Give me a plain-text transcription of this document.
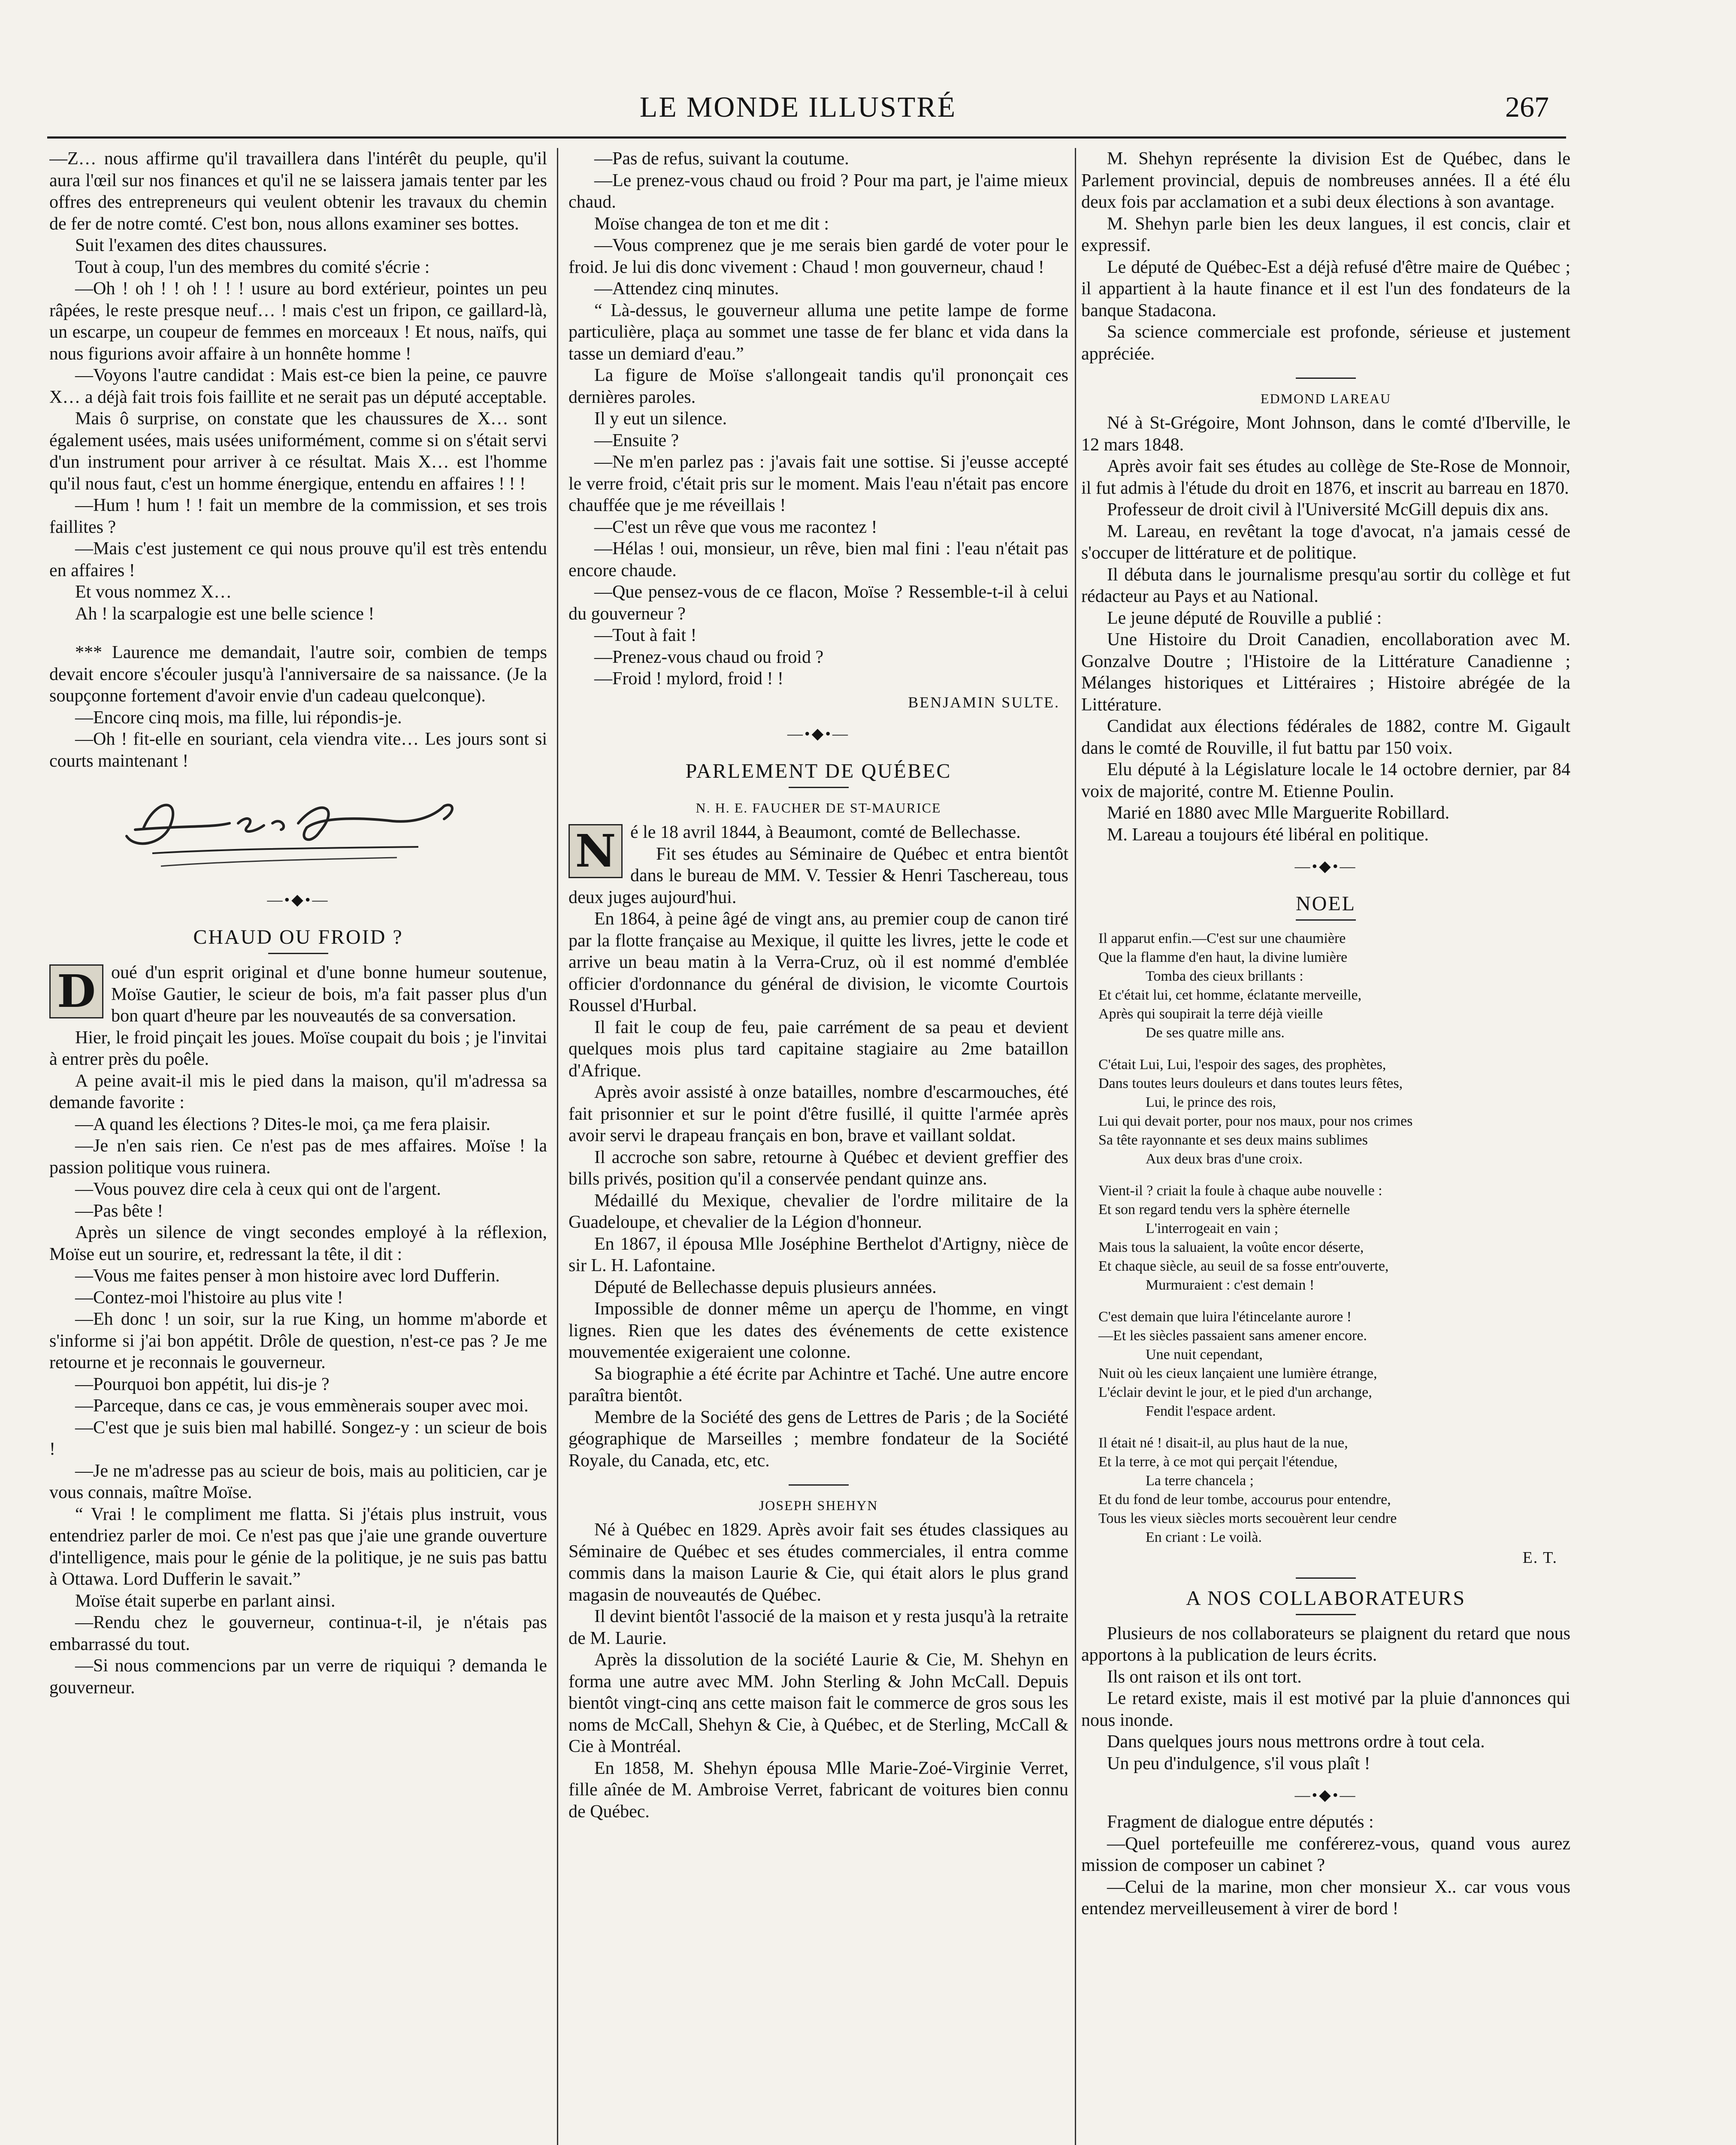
LE MONDE ILLUSTRÉ	267

—Z… nous affirme qu'il travaillera dans l'intérêt du peuple, qu'il aura l'œil sur nos finances et qu'il ne se laissera jamais tenter par les offres des entrepreneurs qui veulent obtenir les travaux du chemin de fer de notre comté. C'est bon, nous allons examiner ses bottes.

Suit l'examen des dites chaussures.

Tout à coup, l'un des membres du comité s'écrie :

—Oh ! oh ! ! oh ! ! ! usure au bord extérieur, pointes un peu râpées, le reste presque neuf… ! mais c'est un fripon, ce gaillard-là, un escarpe, un coupeur de femmes en morceaux ! Et nous, naïfs, qui nous figurions avoir affaire à un honnête homme !

—Voyons l'autre candidat : Mais est-ce bien la peine, ce pauvre X… a déjà fait trois fois faillite et ne serait pas un député acceptable.

Mais ô surprise, on constate que les chaussures de X… sont également usées, mais usées uniformément, comme si on s'était servi d'un instrument pour arriver à ce résultat. Mais X… est l'homme qu'il nous faut, c'est un homme énergique, entendu en affaires ! ! !

—Hum ! hum ! ! fait un membre de la commission, et ses trois faillites ?

—Mais c'est justement ce qui nous prouve qu'il est très entendu en affaires !

Et vous nommez X…

Ah ! la scarpalogie est une belle science !

*** Laurence me demandait, l'autre soir, combien de temps devait encore s'écouler jusqu'à l'anniversaire de sa naissance. (Je la soupçonne fortement d'avoir envie d'un cadeau quelconque).

—Encore cinq mois, ma fille, lui répondis-je.

—Oh ! fit-elle en souriant, cela viendra vite… Les jours sont si courts maintenant !

—•◆•—
CHAUD OU FROID ?

D oué d'un esprit original et d'une bonne humeur soutenue, Moïse Gautier, le scieur de bois, m'a fait passer plus d'un bon quart d'heure par les nouveautés de sa conversation.

Hier, le froid pinçait les joues. Moïse coupait du bois ; je l'invitai à entrer près du poêle.

A peine avait-il mis le pied dans la maison, qu'il m'adressa sa demande favorite :

—A quand les élections ? Dites-le moi, ça me fera plaisir.

—Je n'en sais rien. Ce n'est pas de mes affaires. Moïse ! la passion politique vous ruinera.

—Vous pouvez dire cela à ceux qui ont de l'argent.

—Pas bête !

Après un silence de vingt secondes employé à la réflexion, Moïse eut un sourire, et, redressant la tête, il dit :

—Vous me faites penser à mon histoire avec lord Dufferin.

—Contez-moi l'histoire au plus vite !

—Eh donc ! un soir, sur la rue King, un homme m'aborde et s'informe si j'ai bon appétit. Drôle de question, n'est-ce pas ? Je me retourne et je reconnais le gouverneur.

—Pourquoi bon appétit, lui dis-je ?

—Parceque, dans ce cas, je vous emmènerais souper avec moi.

—C'est que je suis bien mal habillé. Songez-y : un scieur de bois !

—Je ne m'adresse pas au scieur de bois, mais au politicien, car je vous connais, maître Moïse.

“ Vrai ! le compliment me flatta. Si j'étais plus instruit, vous entendriez parler de moi. Ce n'est pas que j'aie une grande ouverture d'intelligence, mais pour le génie de la politique, je ne suis pas battu à Ottawa. Lord Dufferin le savait.”

Moïse était superbe en parlant ainsi.

—Rendu chez le gouverneur, continua-t-il, je n'étais pas embarrassé du tout.

—Si nous commencions par un verre de riquiqui ? demanda le gouverneur.

—Pas de refus, suivant la coutume.

—Le prenez-vous chaud ou froid ? Pour ma part, je l'aime mieux chaud.

Moïse changea de ton et me dit :

—Vous comprenez que je me serais bien gardé de voter pour le froid. Je lui dis donc vivement : Chaud ! mon gouverneur, chaud !

—Attendez cinq minutes.

“ Là-dessus, le gouverneur alluma une petite lampe de forme particulière, plaça au sommet une tasse de fer blanc et vida dans la tasse un demiard d'eau.”

La figure de Moïse s'allongeait tandis qu'il prononçait ces dernières paroles.

Il y eut un silence.

—Ensuite ?

—Ne m'en parlez pas : j'avais fait une sottise. Si j'eusse accepté le verre froid, c'était pris sur le moment. Mais l'eau n'était pas encore chauffée que je me réveillais !

—C'est un rêve que vous me racontez !

—Hélas ! oui, monsieur, un rêve, bien mal fini : l'eau n'était pas encore chaude.

—Que pensez-vous de ce flacon, Moïse ? Ressemble-t-il à celui du gouverneur ?

—Tout à fait !

—Prenez-vous chaud ou froid ?

—Froid ! mylord, froid ! !

BENJAMIN SULTE.
—•◆•—
PARLEMENT DE QUÉBEC
N. H. E. FAUCHER DE ST-MAURICE

N é le 18 avril 1844, à Beaumont, comté de Bellechasse.

Fit ses études au Séminaire de Québec et entra bientôt dans le bureau de MM. V. Tessier & Henri Taschereau, tous deux juges aujourd'hui.

En 1864, à peine âgé de vingt ans, au premier coup de canon tiré par la flotte française au Mexique, il quitte les livres, jette le code et arrive un beau matin à la Verra-Cruz, où il est nommé d'emblée officier d'ordonnance du général de division, le vicomte Courtois Roussel d'Hurbal.

Il fait le coup de feu, paie carrément de sa peau et devient quelques mois plus tard capitaine stagiaire au 2me bataillon d'Afrique.

Après avoir assisté à onze batailles, nombre d'escarmouches, été fait prisonnier et sur le point d'être fusillé, il quitte l'armée après avoir servi le drapeau français en bon, brave et vaillant soldat.

Il accroche son sabre, retourne à Québec et devient greffier des bills privés, position qu'il a conservée pendant quinze ans.

Médaillé du Mexique, chevalier de l'ordre militaire de la Guadeloupe, et chevalier de la Légion d'honneur.

En 1867, il épousa Mlle Joséphine Berthelot d'Artigny, nièce de sir L. H. Lafontaine.

Député de Bellechasse depuis plusieurs années.

Impossible de donner même un aperçu de l'homme, en vingt lignes. Rien que les dates des événements de cette existence mouvementée exigeraient une colonne.

Sa biographie a été écrite par Achintre et Taché. Une autre encore paraîtra bientôt.

Membre de la Société des gens de Lettres de Paris ; de la Société géographique de Marseilles ; membre fondateur de la Société Royale, du Canada, etc, etc.

JOSEPH SHEHYN

Né à Québec en 1829. Après avoir fait ses études classiques au Séminaire de Québec et ses études commerciales, il entra comme commis dans la maison Laurie & Cie, qui était alors le plus grand magasin de nouveautés de Québec.

Il devint bientôt l'associé de la maison et y resta jusqu'à la retraite de M. Laurie.

Après la dissolution de la société Laurie & Cie, M. Shehyn en forma une autre avec MM. John Sterling & John McCall. Depuis bientôt vingt-cinq ans cette maison fait le commerce de gros sous les noms de McCall, Shehyn & Cie, à Québec, et de Sterling, McCall & Cie à Montréal.

En 1858, M. Shehyn épousa Mlle Marie-Zoé-Virginie Verret, fille aînée de M. Ambroise Verret, fabricant de voitures bien connu de Québec.

M. Shehyn représente la division Est de Québec, dans le Parlement provincial, depuis de nombreuses années. Il a été élu deux fois par acclamation et a subi deux élections à son avantage.

M. Shehyn parle bien les deux langues, il est concis, clair et expressif.

Le député de Québec-Est a déjà refusé d'être maire de Québec ; il appartient à la haute finance et il est l'un des fondateurs de la banque Stadacona.

Sa science commerciale est profonde, sérieuse et justement appréciée.

EDMOND LAREAU

Né à St-Grégoire, Mont Johnson, dans le comté d'Iberville, le 12 mars 1848.

Après avoir fait ses études au collège de Ste-Rose de Monnoir, il fut admis à l'étude du droit en 1876, et inscrit au barreau en 1870.

Professeur de droit civil à l'Université McGill depuis dix ans.

M. Lareau, en revêtant la toge d'avocat, n'a jamais cessé de s'occuper de littérature et de politique.

Il débuta dans le journalisme presqu'au sortir du collège et fut rédacteur au Pays et au National.

Le jeune député de Rouville a publié :

Une Histoire du Droit Canadien, encollaboration avec M. Gonzalve Doutre ; l'Histoire de la Littérature Canadienne ; Mélanges historiques et Littéraires ; Histoire abrégée de la Littérature.

Candidat aux élections fédérales de 1882, contre M. Gigault dans le comté de Rouville, il fut battu par 150 voix.

Elu député à la Législature locale le 14 octobre dernier, par 84 voix de majorité, contre M. Etienne Poulin.

Marié en 1880 avec Mlle Marguerite Robillard.

M. Lareau a toujours été libéral en politique.

—•◆•—
NOEL
Il apparut enfin.—C'est sur une chaumière
Que la flamme d'en haut, la divine lumière
Tomba des cieux brillants :
Et c'était lui, cet homme, éclatante merveille,
Après qui soupirait la terre déjà vieille
De ses quatre mille ans.
C'était Lui, Lui, l'espoir des sages, des prophètes,
Dans toutes leurs douleurs et dans toutes leurs fêtes,
Lui, le prince des rois,
Lui qui devait porter, pour nos maux, pour nos crimes
Sa tête rayonnante et ses deux mains sublimes
Aux deux bras d'une croix.
Vient-il ? criait la foule à chaque aube nouvelle :
Et son regard tendu vers la sphère éternelle
L'interrogeait en vain ;
Mais tous la saluaient, la voûte encor déserte,
Et chaque siècle, au seuil de sa fosse entr'ouverte,
Murmuraient : c'est demain !
C'est demain que luira l'étincelante aurore !
—Et les siècles passaient sans amener encore.
Une nuit cependant,
Nuit où les cieux lançaient une lumière étrange,
L'éclair devint le jour, et le pied d'un archange,
Fendit l'espace ardent.
Il était né ! disait-il, au plus haut de la nue,
Et la terre, à ce mot qui perçait l'étendue,
La terre chancela ;
Et du fond de leur tombe, accourus pour entendre,
Tous les vieux siècles morts secouèrent leur cendre
En criant : Le voilà.
E. T.
A NOS COLLABORATEURS

Plusieurs de nos collaborateurs se plaignent du retard que nous apportons à la publication de leurs écrits.

Ils ont raison et ils ont tort.

Le retard existe, mais il est motivé par la pluie d'annonces qui nous inonde.

Dans quelques jours nous mettrons ordre à tout cela.

Un peu d'indulgence, s'il vous plaît !

—•◆•—

Fragment de dialogue entre députés :

—Quel portefeuille me conférerez-vous, quand vous aurez mission de composer un cabinet ?

—Celui de la marine, mon cher monsieur X.. car vous vous entendez merveilleusement à virer de bord !
